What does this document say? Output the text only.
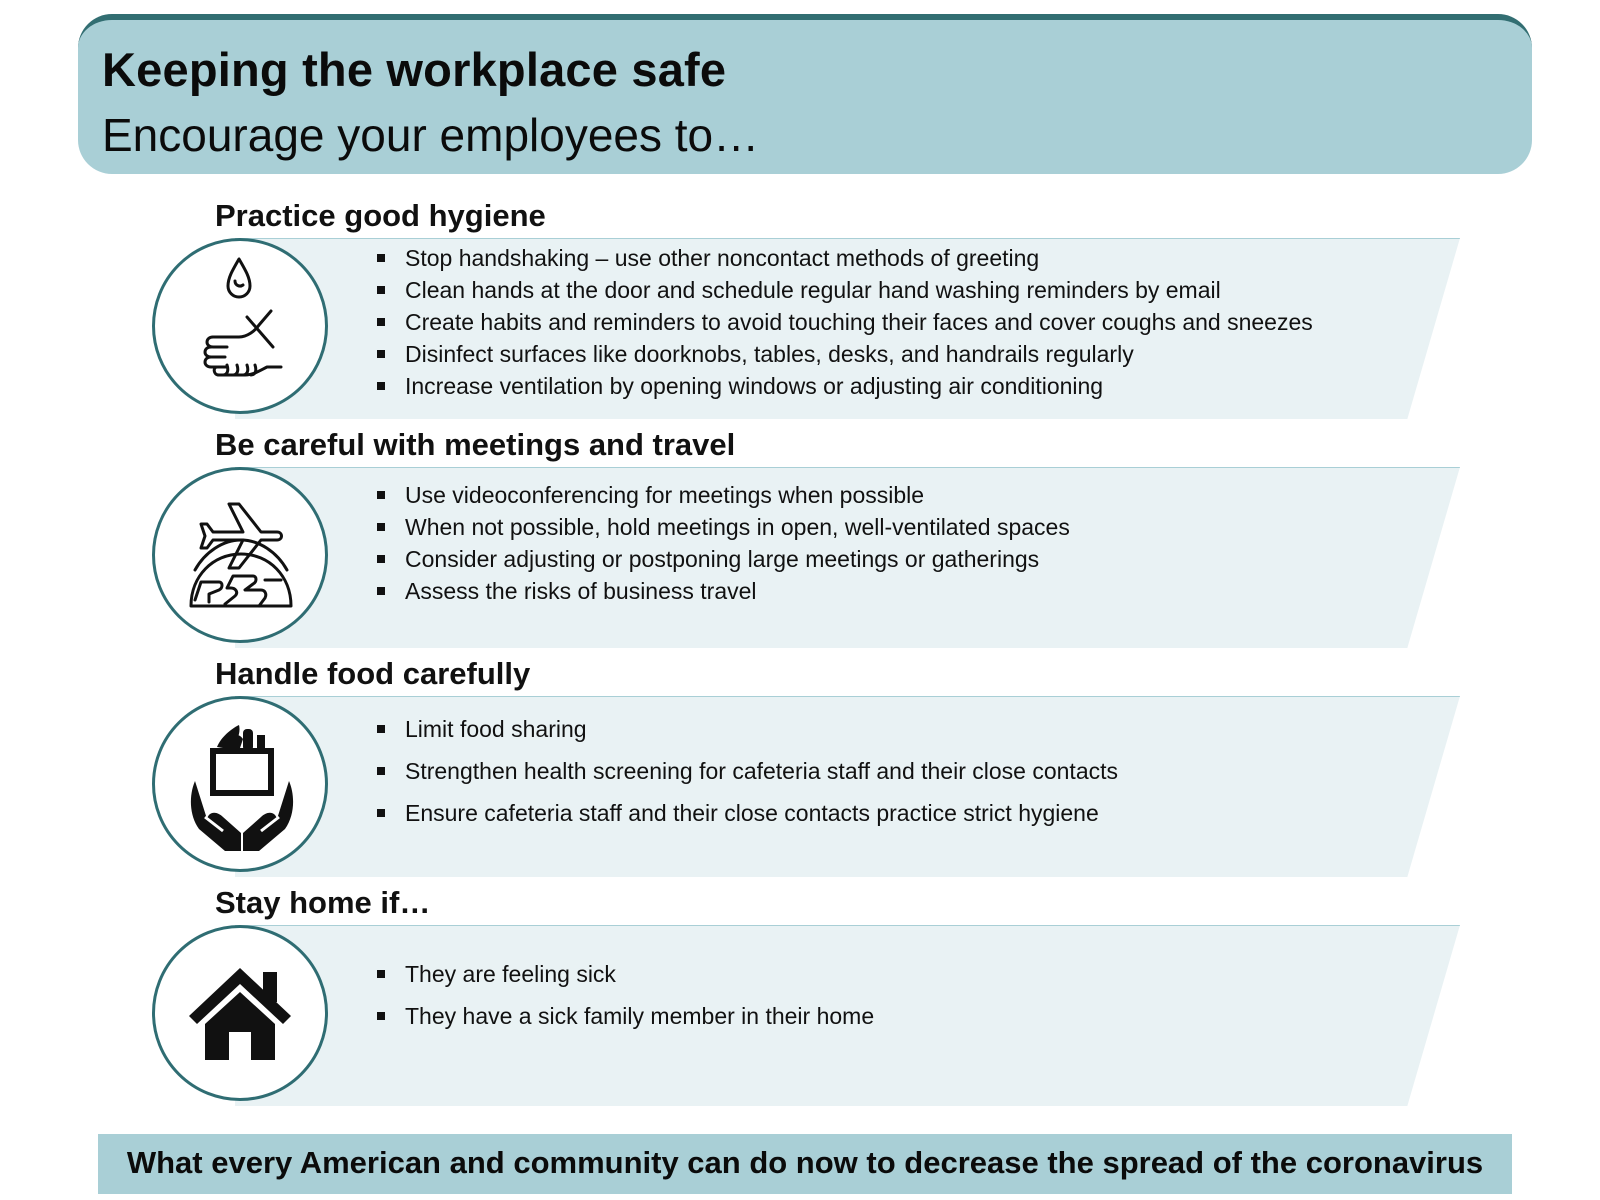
Keeping the workplace safe
Encourage your employees to…
Practice good hygiene
Stop handshaking – use other noncontact methods of greeting
Clean hands at the door and schedule regular hand washing reminders by email
Create habits and reminders to avoid touching their faces and cover coughs and sneezes
Disinfect surfaces like doorknobs, tables, desks, and handrails regularly
Increase ventilation by opening windows or adjusting air conditioning
Be careful with meetings and travel
Use videoconferencing for meetings when possible
When not possible, hold meetings in open, well-ventilated spaces
Consider adjusting or postponing large meetings or gatherings
Assess the risks of business travel
Handle food carefully
Limit food sharing
Strengthen health screening for cafeteria staff and their close contacts
Ensure cafeteria staff and their close contacts practice strict hygiene
Stay home if…
They are feeling sick
They have a sick family member in their home
What every American and community can do now to decrease the spread of the coronavirus
